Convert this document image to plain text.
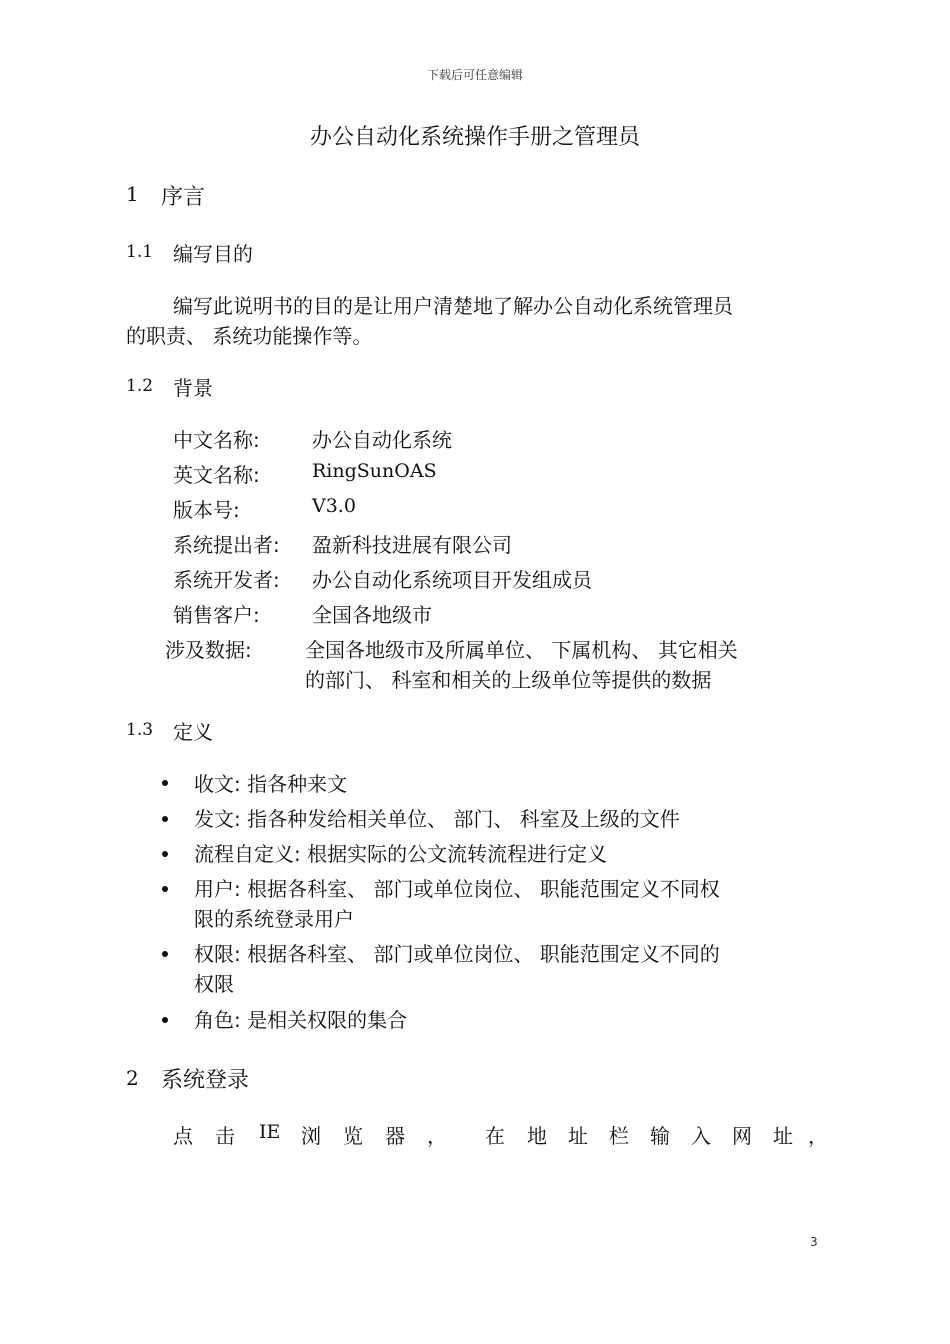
下载后可任意编辑
办公自动化系统操作手册之管理员
1 序言
1.1 编写目的
编写此说明书的目的是让用户清楚地了解办公自动化系统管理员
的职责、 系统功能操作等。
1.2 背景
中文名称:	办公自动化系统
英文名称:	RingSunOAS
版本号:	V3.0
系统提出者: 盈新科技进展有限公司
系统开发者: 办公自动化系统项目开发组成员
销售客户:	全国各地级市
涉及数据:	全国各地级市及所属单位、 下属机构、 其它相关
的部门、 科室和相关的上级单位等提供的数据
1.3 定义
收文: 指各种来文
发文: 指各种发给相关单位、 部门、 科室及上级的文件
流程自定义: 根据实际的公文流转流程进行定义
用户: 根据各科室、 部门或单位岗位、 职能范围定义不同权
限的系统登录用户
权限: 根据各科室、 部门或单位岗位、 职能范围定义不同的
权限
角色: 是相关权限的集合
2 系统登录
点 击 IE 浏 览 器 ， 在 地 址 栏 输 入 网 址 ，
3
